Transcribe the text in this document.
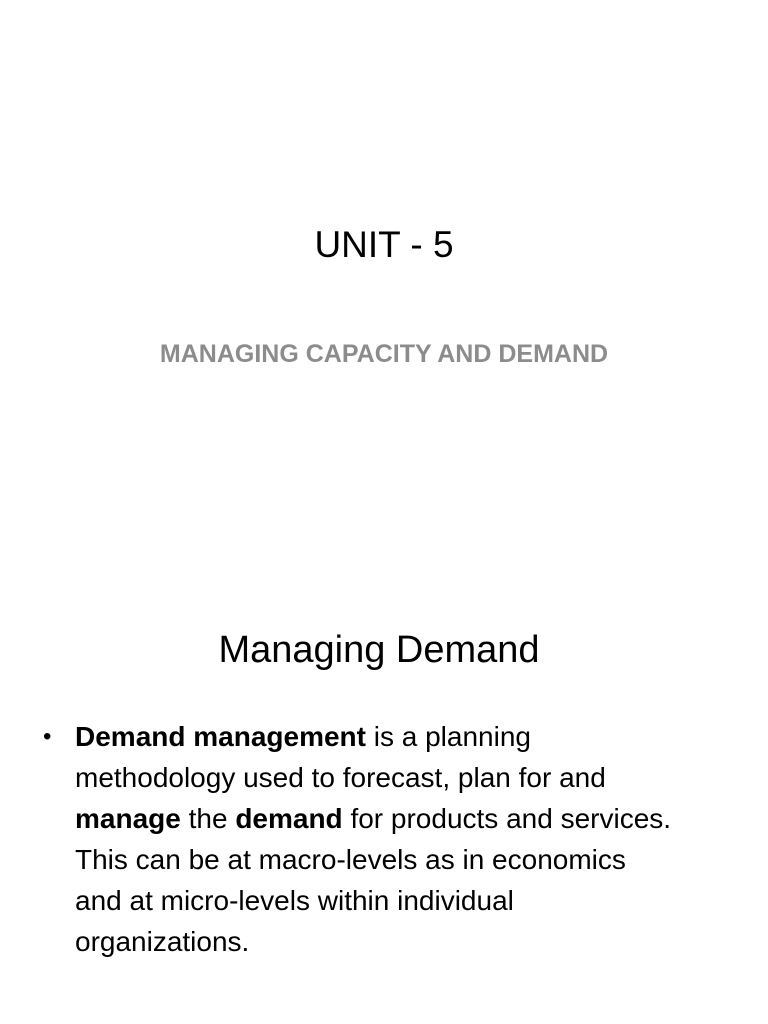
UNIT - 5
MANAGING CAPACITY AND DEMAND
Managing Demand
• Demand management is a planning methodology used to forecast, plan for and manage the demand for products and services. This can be at macro-levels as in economics and at micro-levels within individual organizations.
